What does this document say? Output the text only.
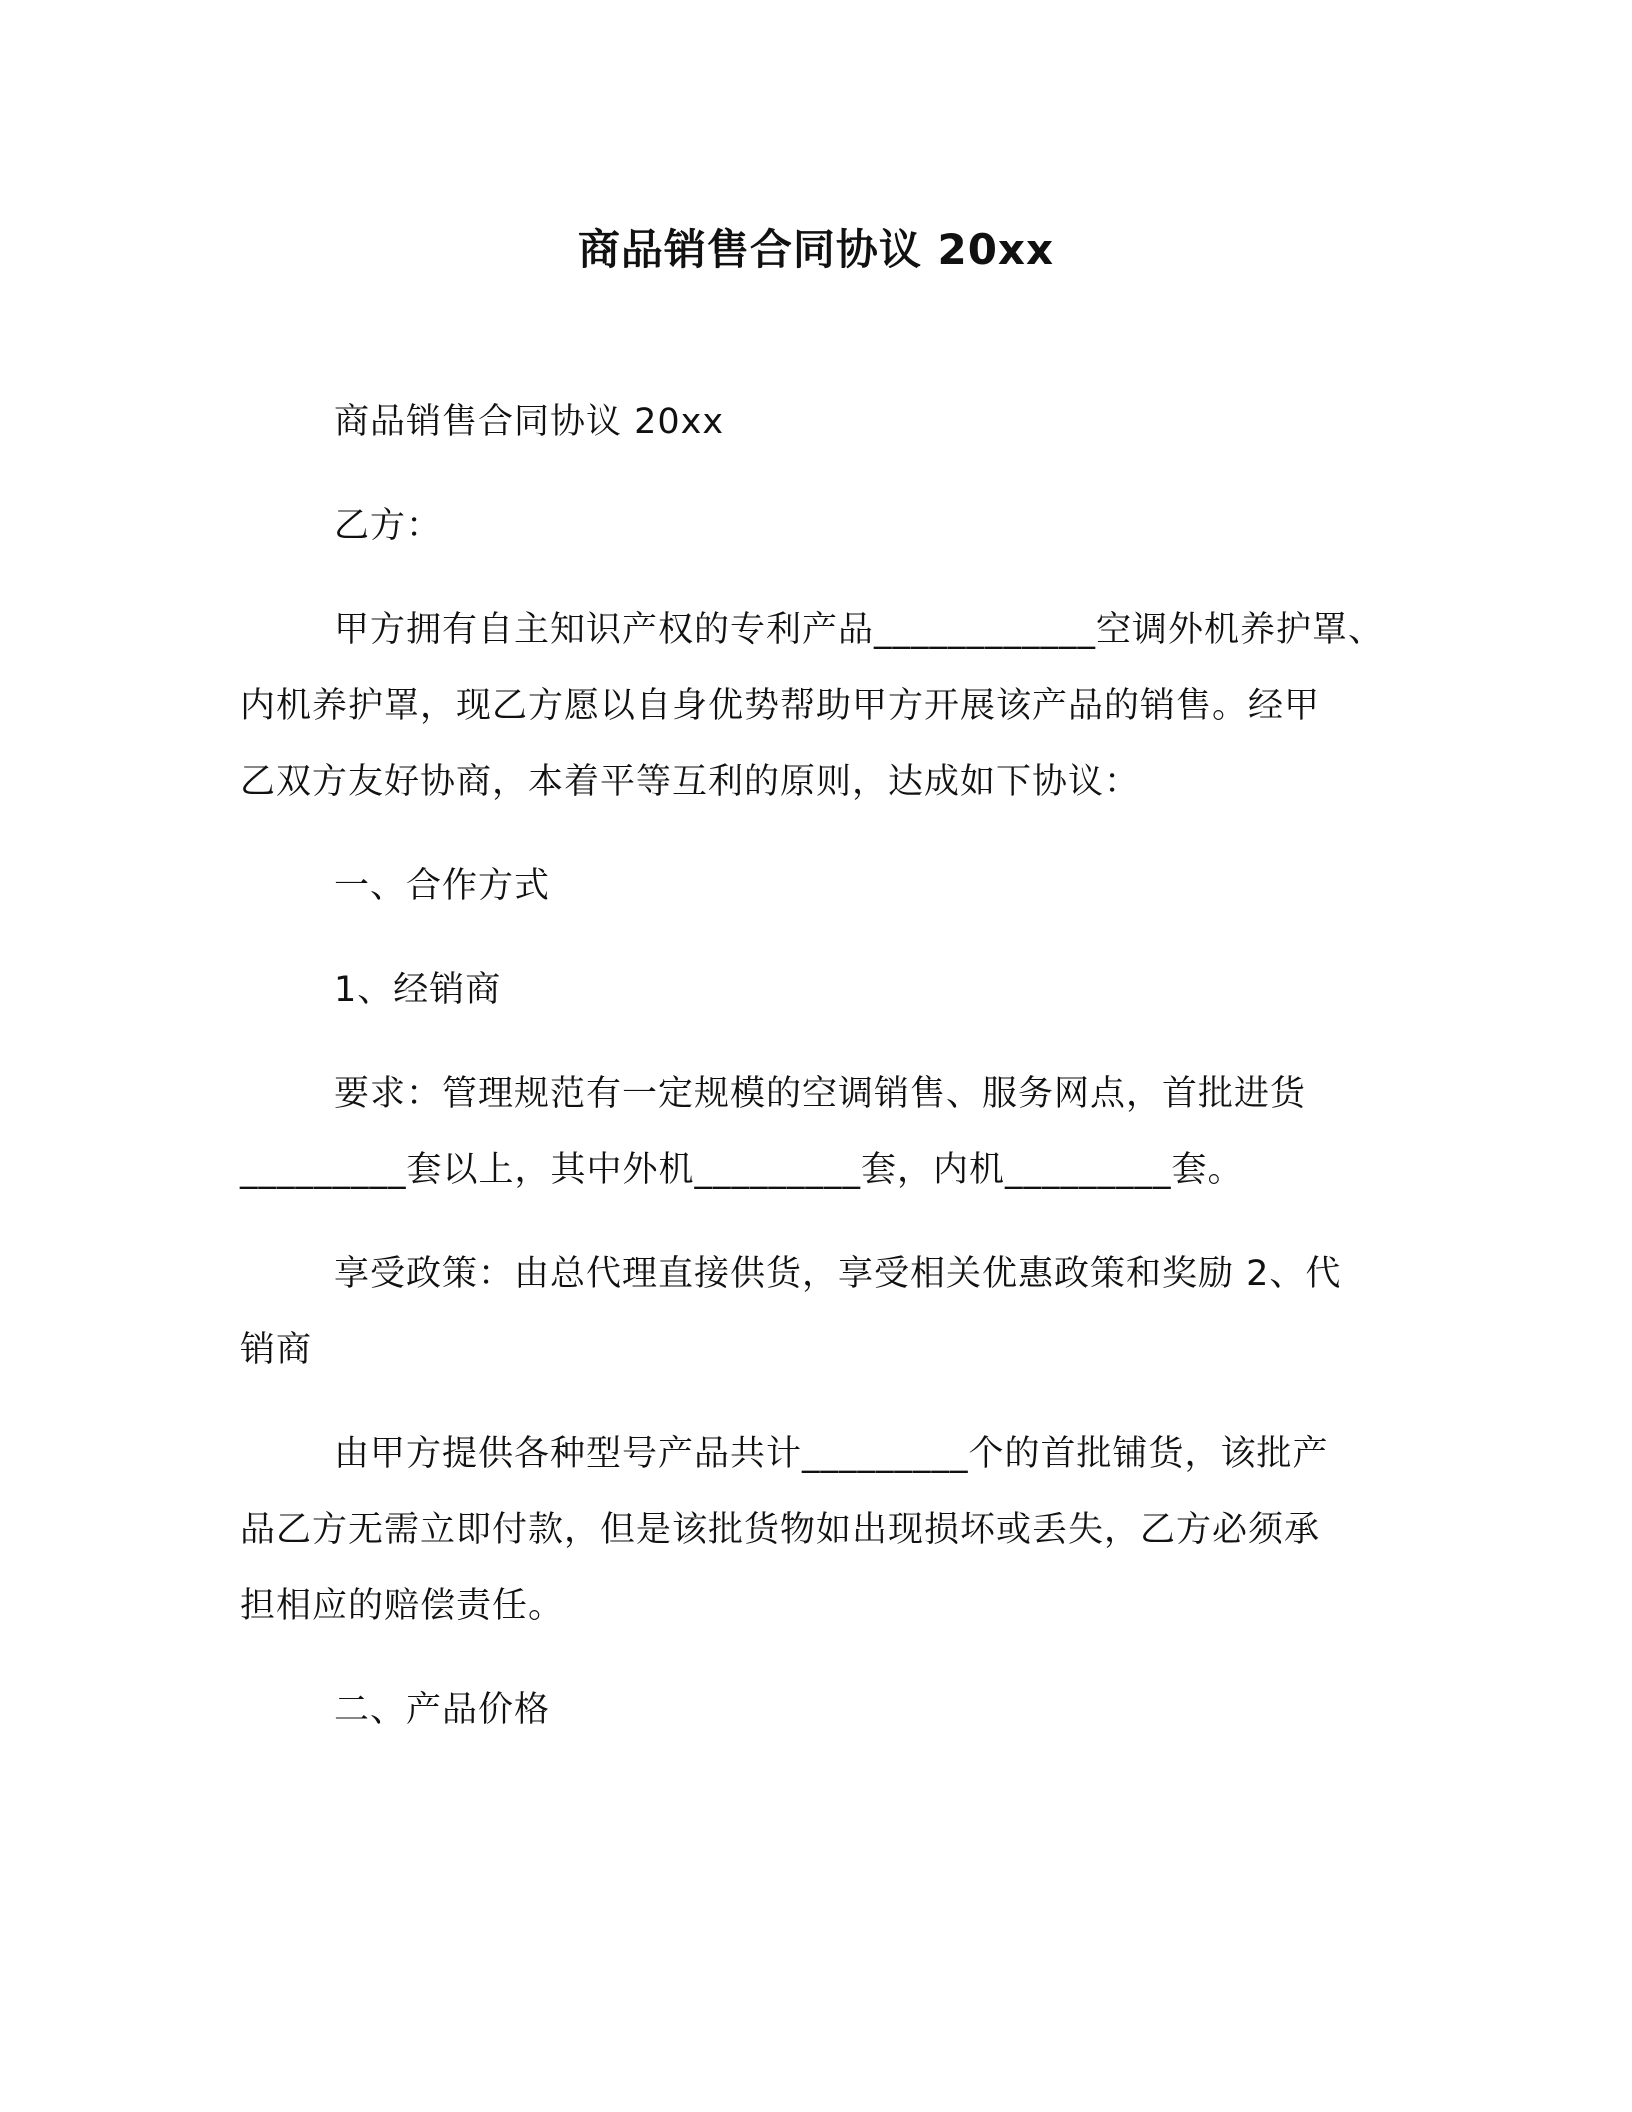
商品销售合同协议 20xx
商品销售合同协议 20xx
乙方：
甲方拥有自主知识产权的专利产品____________空调外机养护罩、
内机养护罩，现乙方愿以自身优势帮助甲方开展该产品的销售。经甲
乙双方友好协商，本着平等互利的原则，达成如下协议：
一、合作方式
1、经销商
要求：管理规范有一定规模的空调销售、服务网点，首批进货
_________套以上，其中外机_________套，内机_________套。
享受政策：由总代理直接供货，享受相关优惠政策和奖励 2、代
销商
由甲方提供各种型号产品共计_________个的首批铺货，该批产
品乙方无需立即付款，但是该批货物如出现损坏或丢失，乙方必须承
担相应的赔偿责任。
二、产品价格
